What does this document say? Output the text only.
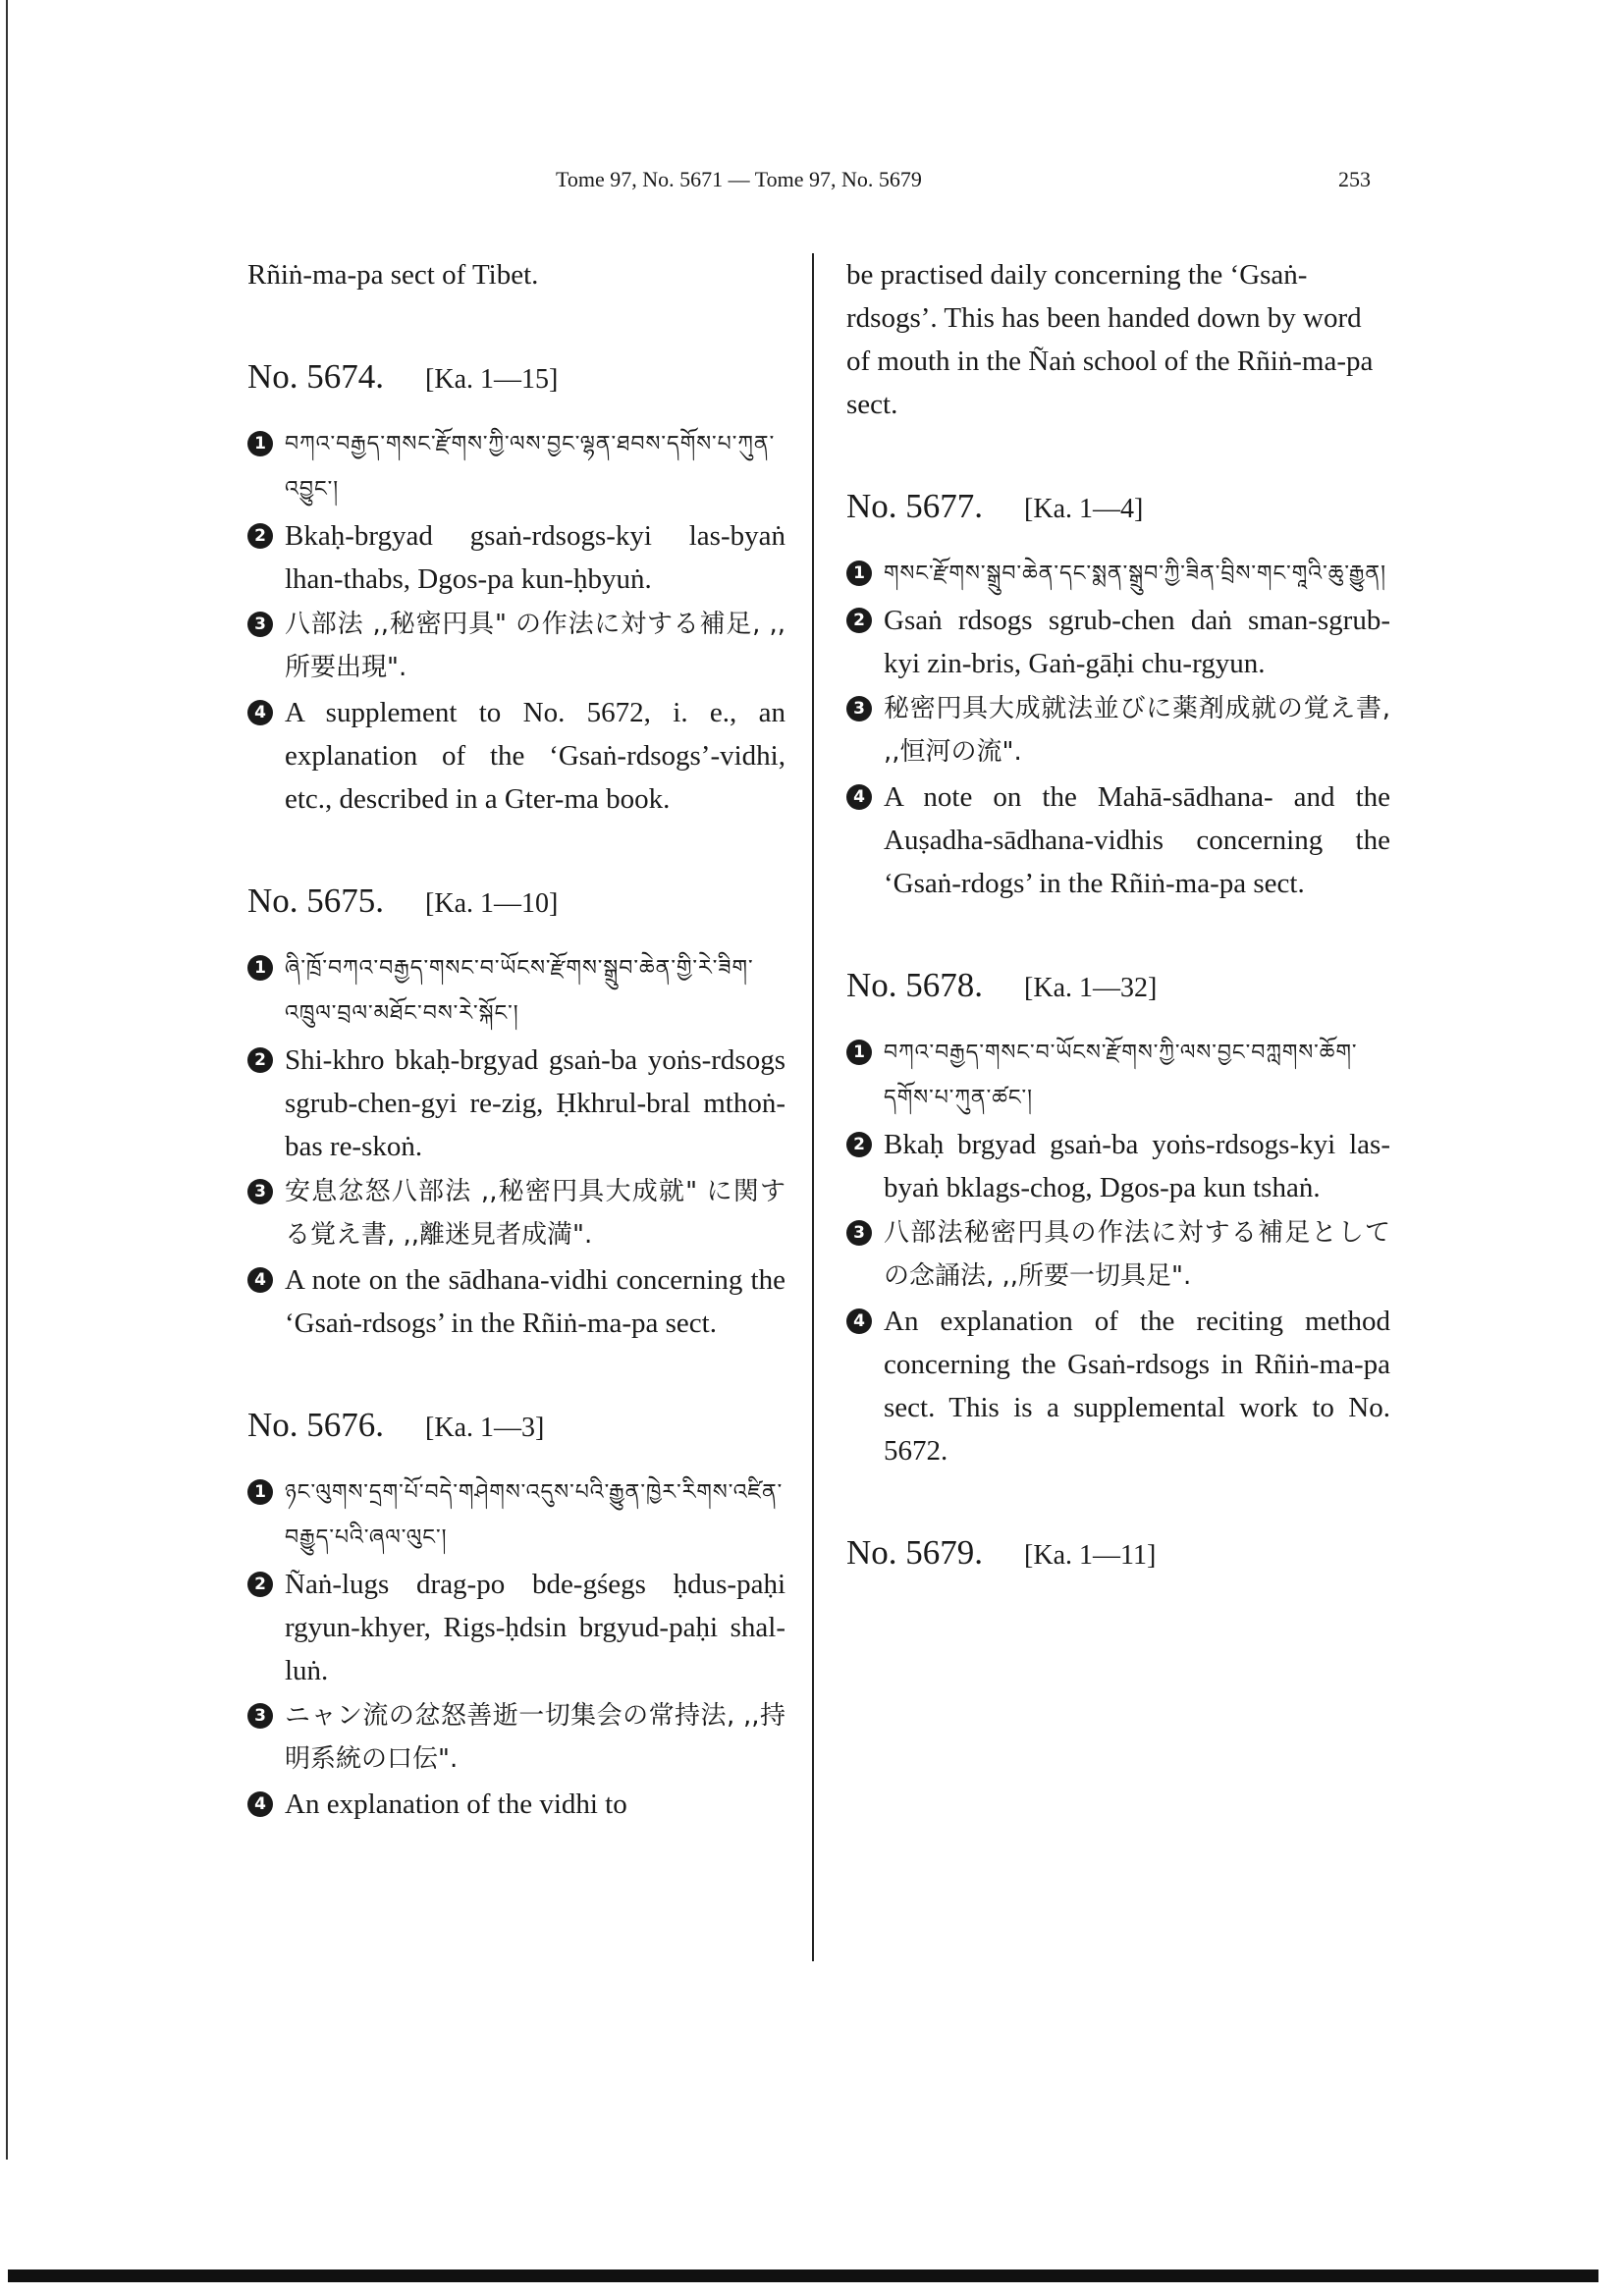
Tome 97, No. 5671 — Tome 97, No. 5679	253

Rñiṅ-ma-pa sect of Tibet.

No. 5674. [Ka. 1—15]
1 བཀའ་བརྒྱད་གསང་རྫོགས་ཀྱི་ལས་བྱང་ལྷན་ཐབས་དགོས་པ་ཀུན་འབྱུང་།
2 Bkaḥ-brgyad gsaṅ-rdsogs-kyi las-byaṅ lhan-thabs, Dgos-pa kun-ḥbyuṅ.
3 八部法 ,,秘密円具" の作法に対する補足, ,,所要出現".
4 A supplement to No. 5672, i. e., an explanation of the ‘Gsaṅ-rdsogs’-vidhi, etc., described in a Gter-ma book.
No. 5675. [Ka. 1—10]
1 ཞི་ཁྲོ་བཀའ་བརྒྱད་གསང་བ་ཡོངས་རྫོགས་སྒྲུབ་ཆེན་གྱི་རེ་ཟིག་འཁྲུལ་བྲལ་མཐོང་བས་རེ་སྐོང་།
2 Shi-khro bkaḥ-brgyad gsaṅ-ba yoṅs-rdsogs sgrub-chen-gyi re-zig, Ḥkhrul-bral mthoṅ-bas re-skoṅ.
3 安息忿怒八部法 ,,秘密円具大成就" に関する覚え書, ,,離迷見者成満".
4 A note on the sādhana-vidhi concerning the ‘Gsaṅ-rdsogs’ in the Rñiṅ-ma-pa sect.
No. 5676. [Ka. 1—3]
1 ཉང་ལུགས་དྲག་པོ་བདེ་གཤེགས་འདུས་པའི་རྒྱུན་ཁྱེར་རིགས་འཛིན་བརྒྱུད་པའི་ཞལ་ལུང་།
2 Ñaṅ-lugs drag-po bde-gśegs ḥdus-paḥi rgyun-khyer, Rigs-ḥdsin brgyud-paḥi shal-luṅ.
3 ニャン流の忿怒善逝一切集会の常持法, ,,持明系統の口伝".
4 An explanation of the vidhi to

be practised daily concerning the ‘Gsaṅ-rdsogs’. This has been handed down by word of mouth in the Ñaṅ school of the Rñiṅ-ma-pa sect.

No. 5677. [Ka. 1—4]
1 གསང་རྫོགས་སྒྲུབ་ཆེན་དང་སྨན་སྒྲུབ་ཀྱི་ཟིན་བྲིས་གང་གཱའི་ཆུ་རྒྱུན།
2 Gsaṅ rdsogs sgrub-chen daṅ sman-sgrub-kyi zin-bris, Gaṅ-gāḥi chu-rgyun.
3 秘密円具大成就法並びに薬剤成就の覚え書, ,,恒河の流".
4 A note on the Mahā-sādhana- and the Auṣadha-sādhana-vidhis concerning the ‘Gsaṅ-rdogs’ in the Rñiṅ-ma-pa sect.
No. 5678. [Ka. 1—32]
1 བཀའ་བརྒྱད་གསང་བ་ཡོངས་རྫོགས་ཀྱི་ལས་བྱང་བཀླགས་ཆོག་དགོས་པ་ཀུན་ཚང་།
2 Bkaḥ brgyad gsaṅ-ba yoṅs-rdsogs-kyi las-byaṅ bklags-chog, Dgos-pa kun tshaṅ.
3 八部法秘密円具の作法に対する補足としての念誦法, ,,所要一切具足".
4 An explanation of the reciting method concerning the Gsaṅ-rdsogs in Rñiṅ-ma-pa sect. This is a supplemental work to No. 5672.
No. 5679. [Ka. 1—11]
